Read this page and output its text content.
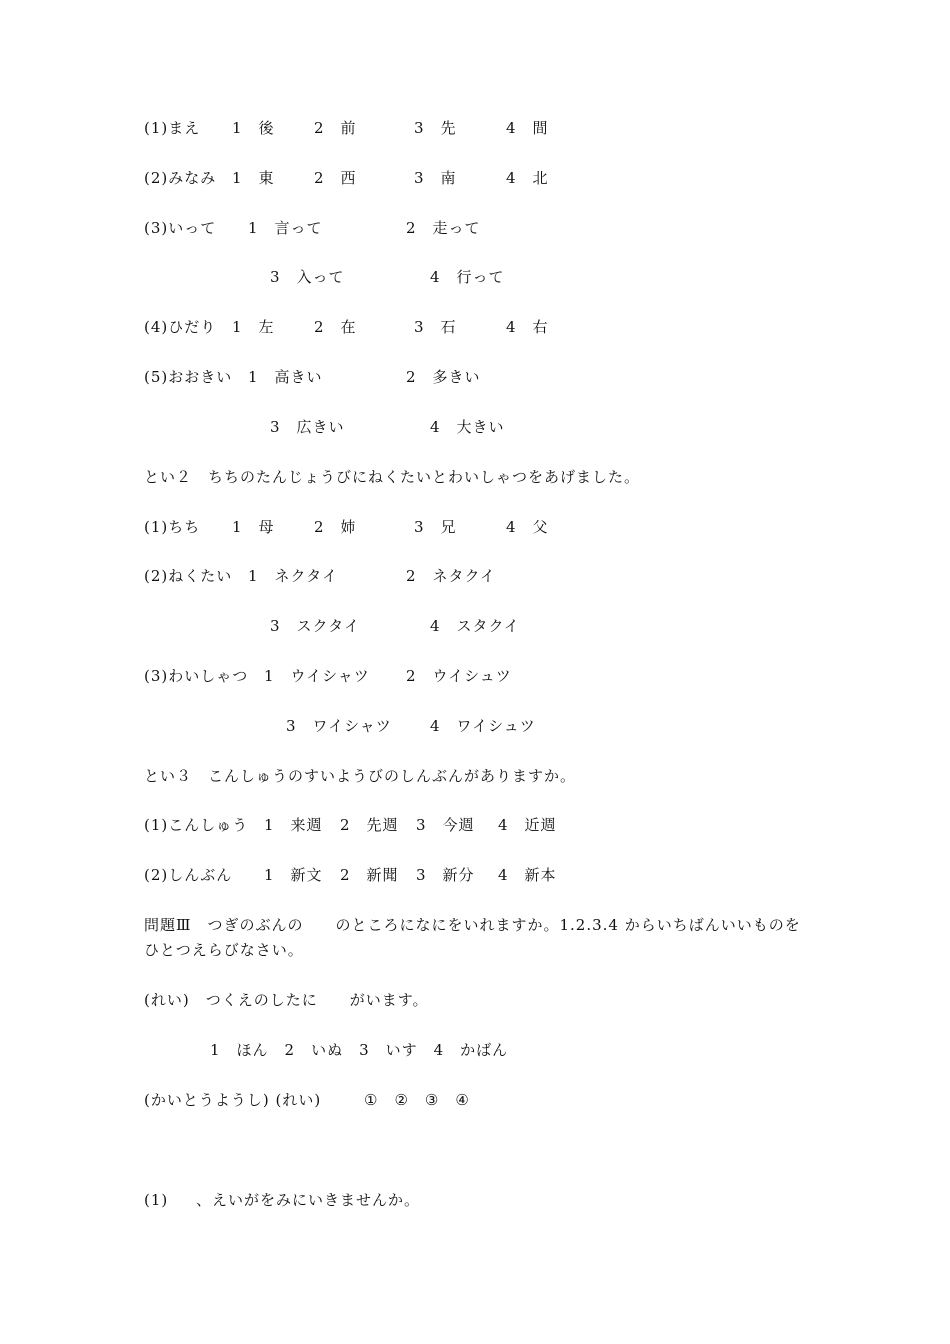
(1)まえ 1　後	2　前	3　先	4　間
(2)みなみ 1　東	2　西	3　南	4　北
(3)いって 1　言って	2　走って
3　入って	4　行って
(4)ひだり 1　左	2　在	3　石	4　右
(5)おおきい 1　高きい	2　多きい
3　広きい	4　大きい
とい２　ちちのたんじょうびにねくたいとわいしゃつをあげました。
(1)ちち 1　母	2　姉	3　兄	4　父
(2)ねくたい 1　ネクタイ	2　ネタクイ
3　スクタイ	4　スタクイ
(3)わいしゃつ 1　ウイシャツ 2　ウイシュツ
3　ワイシャツ	4　ワイシュツ
とい３　こんしゅうのすいようびのしんぶんがありますか。
(1)こんしゅう 1　来週 2　先週 3　今週 4　近週
(2)しんぶん 1　新文 2　新聞 3　新分 4　新本
問題Ⅲ　つぎのぶんの　　のところになにをいれますか。1.2.3.4 からいちばんいいものを
ひとつえらびなさい。
(れい)　つくえのしたに　　がいます。
1　ほん　2　いぬ　3　いす　4　かばん
(かいとうようし) (れい)	①　②　③　④
(1) 、えいがをみにいきませんか。
